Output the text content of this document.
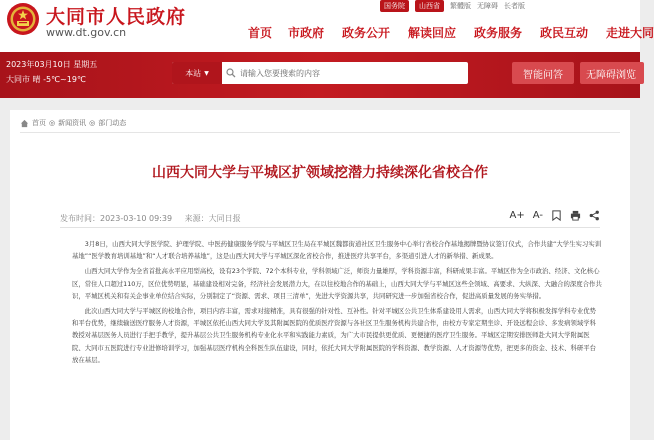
大同市人民政府
www.dt.gov.cn
国务院	山西省	繁體版 无障碍 长者版
首页 市政府 政务公开 解读回应 政务服务 政民互动 走进大同
2023年03月10日 星期五
大同市 晴 -5℃~19℃
本站 ▼
请输入您要搜索的内容	智能问答	无障碍浏览
首页 ◎ 新闻资讯 ◎ 部门动态
山西大同大学与平城区扩领域挖潜力持续深化省校合作
发布时间：2023-03-10 09:39 来源：大同日报	A+ A-

3月8日，山西大同大学医学院、护理学院、中医药健康服务学院与平城区卫生局在平城区魏都街道社区卫生服务中心举行省校合作基地揭牌暨协议签订仪式，合作共建“大学生实习实训基地”“医学教育培训基地”和“人才联合培养基地”，这是山西大同大学与平城区深化省校合作，推进医疗共享平台，多渠道引进人才的新举措、新成果。

山西大同大学作为全省首批高水平应用型高校，设有23个学院、72个本科专业，学科领域广泛，师资力量雄厚，学科资源丰富，科研成果丰富。平城区作为全市政治、经济、文化核心区，常住人口超过110万，区位优势明显，基础建设相对完备，经济社会发展潜力大，在以往校地合作的基础上，山西大同大学与平城区这些全领域、高要求、大纵深、大融合的深度合作共识，平城区机关和有关企事业单位结合实际，分别制定了“资源、需求、项目三清单”，先进大学资源共享，共同研究进一步加强省校合作，促进高质量发展的务实举措。

此次山西大同大学与平城区的校地合作，项目内容丰富，需求对接精准，具有很强的针对性、互补性。针对平城区公共卫生体系建设用人需求，山西大同大学将积极发挥学科专业优势和平台优势，继续输送医疗服务人才资源，平城区依托山西大同大学及其附属医院的优质医疗资源与各社区卫生服务机构共建合作，由校方专家定期坐诊、开设远程会诊、多发病领域学科教授对基层医务人员进行手把手教学，提升基层公共卫生服务机构专业化水平和实践能力素质，为广大市民提供更优质、更便捷的医疗卫生服务。平城区定期安排医师赴大同大学附属医院、大同市五医院进行专业进修培训学习，加强基层医疗机构全科医生队伍建设，同时，依托大同大学附属医院的学科资源、教学资源、人才资源等优势，把更多的资金、技术、科研平台放在基层。
